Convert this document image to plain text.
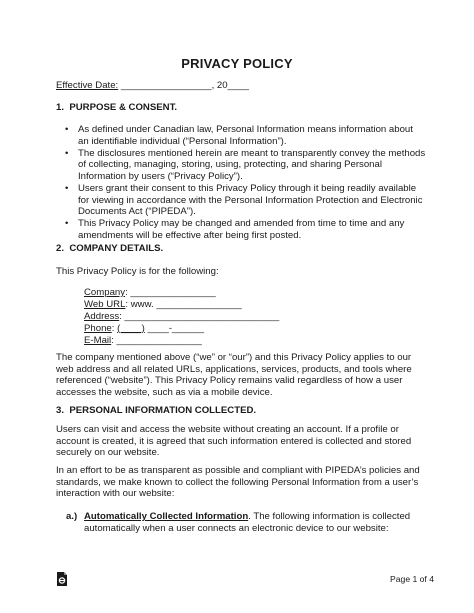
PRIVACY POLICY
Effective Date: _________________, 20____
1. PURPOSE & CONSENT.
• As defined under Canadian law, Personal Information means information about an identifiable individual (“Personal Information”).
• The disclosures mentioned herein are meant to transparently convey the methods of collecting, managing, storing, using, protecting, and sharing Personal Information by users (“Privacy Policy”).
• Users grant their consent to this Privacy Policy through it being readily available for viewing in accordance with the Personal Information Protection and Electronic Documents Act (“PIPEDA”).
• This Privacy Policy may be changed and amended from time to time and any amendments will be effective after being first posted.
2. COMPANY DETAILS.
This Privacy Policy is for the following:
Company: ________________
Web URL: www. ________________
Address: _____________________________
Phone: (____) ____-______
E-Mail: ________________
The company mentioned above (“we” or “our”) and this Privacy Policy applies to our web address and all related URLs, applications, services, products, and tools where referenced (“website”). This Privacy Policy remains valid regardless of how a user accesses the website, such as via a mobile device.
3. PERSONAL INFORMATION COLLECTED.
Users can visit and access the website without creating an account. If a profile or account is created, it is agreed that such information entered is collected and stored securely on our website.
In an effort to be as transparent as possible and compliant with PIPEDA’s policies and standards, we make known to collect the following Personal Information from a user’s interaction with our website:
a.) Automatically Collected Information. The following information is collected automatically when a user connects an electronic device to our website:
Page 1 of 4
